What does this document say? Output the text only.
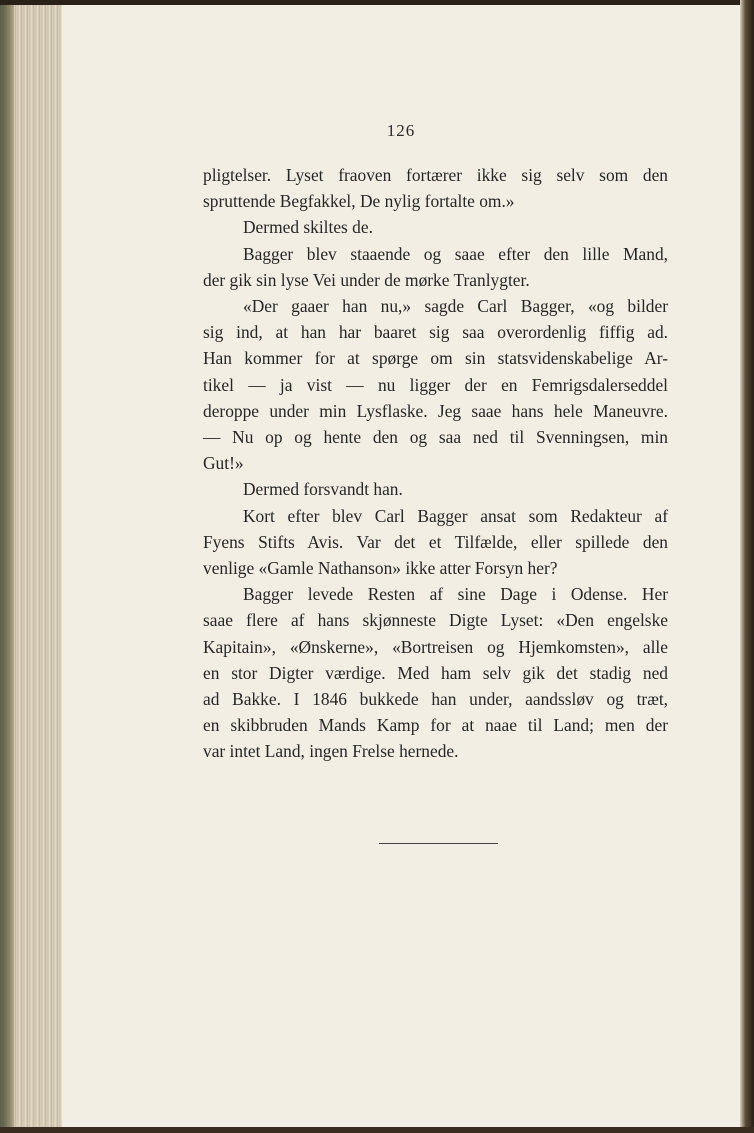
126
pligtelser. Lyset fraoven fortærer ikke sig selv som den
spruttende Begfakkel, De nylig fortalte om.»
Dermed skiltes de.
Bagger blev staaende og saae efter den lille Mand,
der gik sin lyse Vei under de mørke Tranlygter.
«Der gaaer han nu,» sagde Carl Bagger, «og bilder
sig ind, at han har baaret sig saa overordenlig fiffig ad.
Han kommer for at spørge om sin statsvidenskabelige Ar-
tikel — ja vist — nu ligger der en Femrigsdalerseddel
deroppe under min Lysflaske. Jeg saae hans hele Maneuvre.
— Nu op og hente den og saa ned til Svenningsen, min
Gut!»
Dermed forsvandt han.
Kort efter blev Carl Bagger ansat som Redakteur af
Fyens Stifts Avis. Var det et Tilfælde, eller spillede den
venlige «Gamle Nathanson» ikke atter Forsyn her?
Bagger levede Resten af sine Dage i Odense. Her
saae flere af hans skjønneste Digte Lyset: «Den engelske
Kapitain», «Ønskerne», «Bortreisen og Hjemkomsten», alle
en stor Digter værdige. Med ham selv gik det stadig ned
ad Bakke. I 1846 bukkede han under, aandssløv og træt,
en skibbruden Mands Kamp for at naae til Land; men der
var intet Land, ingen Frelse hernede.
